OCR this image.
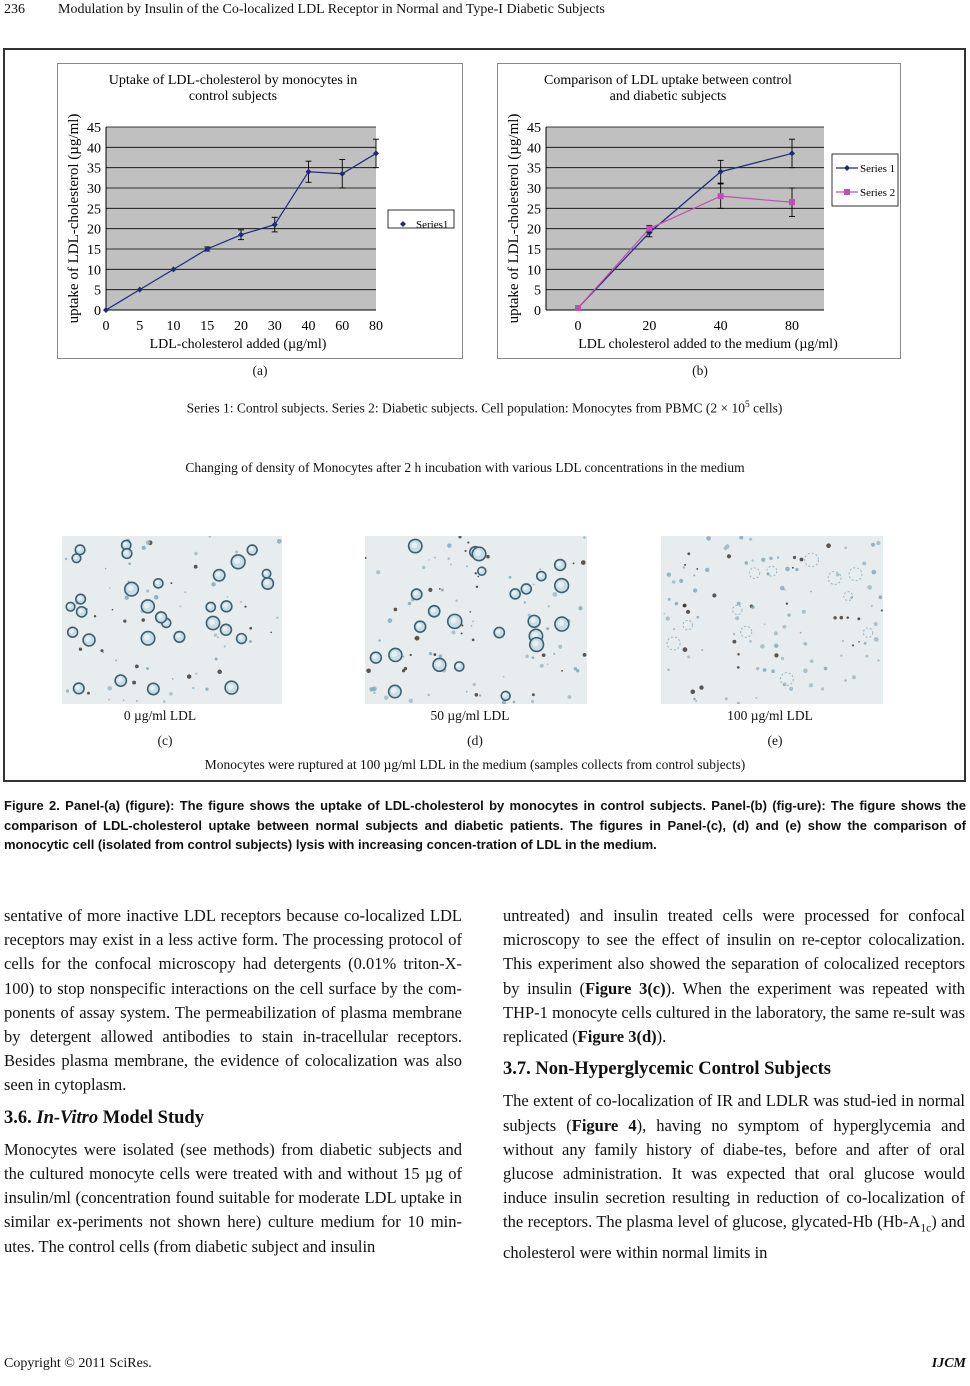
236 Modulation by Insulin of the Co-localized LDL Receptor in Normal and Type-I Diabetic Subjects
Uptake of LDL-cholesterol by monocytes in
control subjects
0
5
10
15
20
25
30
35
40
45
0 5 10 15 20 30 40 60 80
uptake of LDL-cholesterol (µg/ml)
LDL-cholesterol added (µg/ml)
Series1
Comparison of LDL uptake between control
and diabetic subjects
0
5
10
15
20
25
30
35
40
45
0	20	40	80
uptake of LDL-cholesterol (µg/ml)
LDL cholesterol added to the medium (µg/ml)
Series 1
Series 2
(a)	(b)
Series 1: Control subjects. Series 2: Diabetic subjects. Cell population: Monocytes from PBMC ($2 \times 10^5$ cells)
Changing of density of Monocytes after 2 h incubation with various LDL concentrations in the medium
0 µg/ml LDL	50 µg/ml LDL	100 µg/ml LDL
(c)	(d)	(e)
Monocytes were ruptured at 100 µg/ml LDL in the medium (samples collects from control subjects)
Figure 2. Panel-(a) (figure): The figure shows the uptake of LDL-cholesterol by monocytes in control subjects. Panel-(b) (fig-ure): The figure shows the comparison of LDL-cholesterol uptake between normal subjects and diabetic patients. The figures in Panel-(c), (d) and (e) show the comparison of monocytic cell (isolated from control subjects) lysis with increasing concen-tration of LDL in the medium.

sentative of more inactive LDL receptors because co-localized LDL receptors may exist in a less active form. The processing protocol of cells for the confocal microscopy had detergents (0.01% triton-X-100) to stop nonspecific interactions on the cell surface by the com-ponents of assay system. The permeabilization of plasma membrane by detergent allowed antibodies to stain in-tracellular receptors. Besides plasma membrane, the evidence of colocalization was also seen in cytoplasm.

3.6. In-Vitro Model Study

Monocytes were isolated (see methods) from diabetic subjects and the cultured monocyte cells were treated with and without 15 µg of insulin/ml (concentration found suitable for moderate LDL uptake in similar ex-periments not shown here) culture medium for 10 min-utes. The control cells (from diabetic subject and insulin

untreated) and insulin treated cells were processed for confocal microscopy to see the effect of insulin on re-ceptor colocalization. This experiment also showed the separation of colocalized receptors by insulin (Figure 3(c)). When the experiment was repeated with THP-1 monocyte cells cultured in the laboratory, the same re-sult was replicated (Figure 3(d)).

3.7. Non-Hyperglycemic Control Subjects

The extent of co-localization of IR and LDLR was stud-ied in normal subjects (Figure 4), having no symptom of hyperglycemia and without any family history of diabe-tes, before and after of oral glucose administration. It was expected that oral glucose would induce insulin secretion resulting in reduction of co-localization of the receptors. The plasma level of glucose, glycated-Hb $(Hb-A_{1c})$ and cholesterol were within normal limits in

Copyright © 2011 SciRes.	IJCM
